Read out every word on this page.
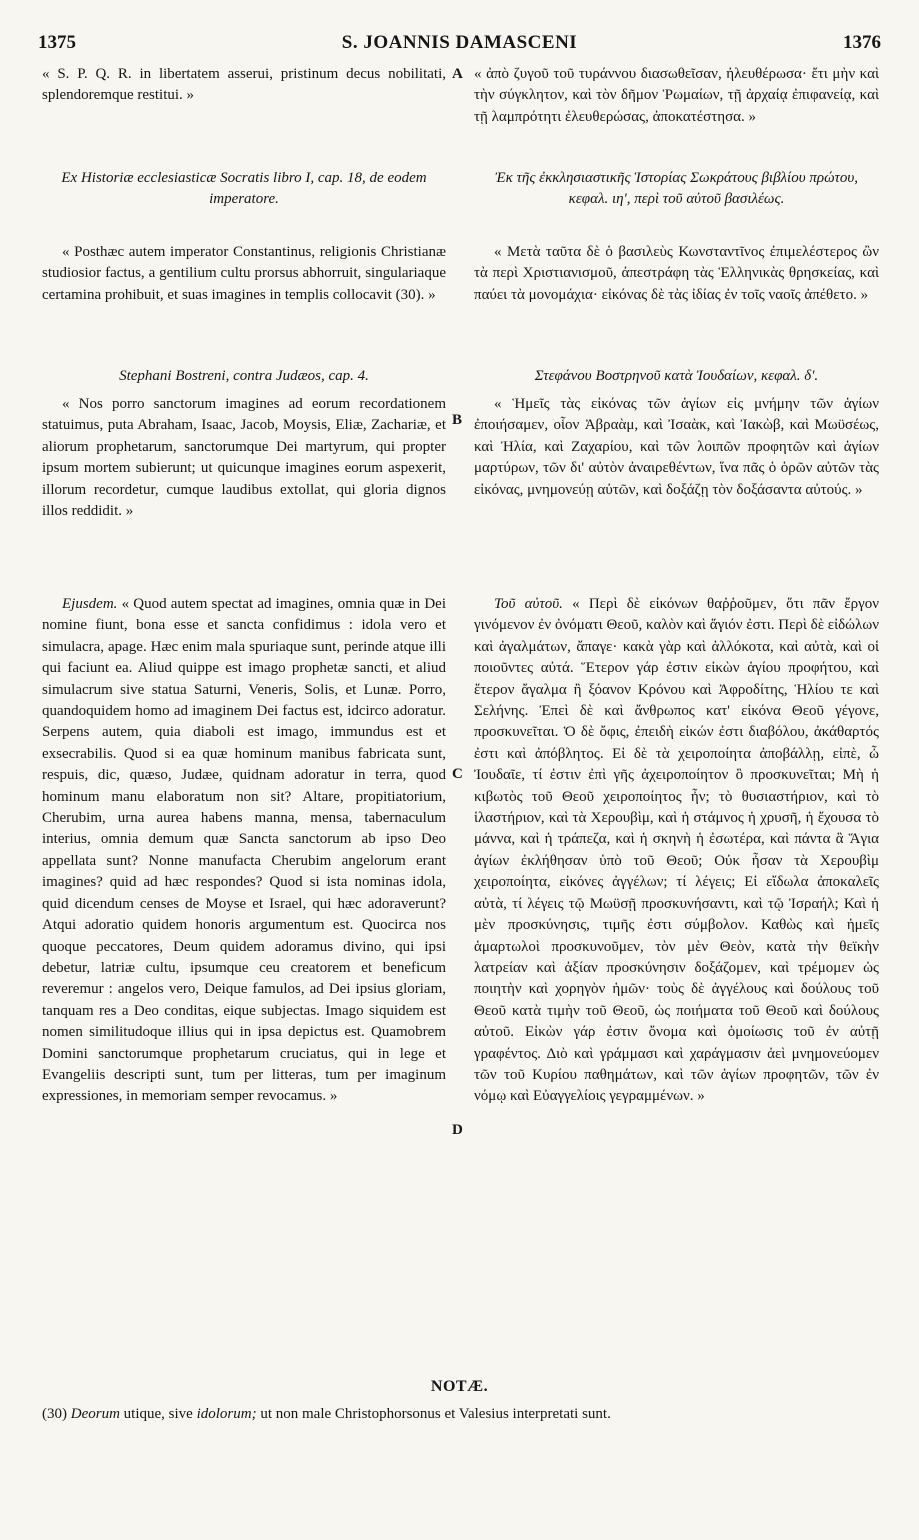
1375	S. JOANNIS DAMASCENI	1376
A
B
C
D

« S. P. Q. R. in libertatem asserui, pristinum decus nobilitati, splendoremque restitui. »

Ex Historiæ ecclesiasticæ Socratis libro I, cap. 18, de eodem imperatore.

« Posthæc autem imperator Constantinus, religionis Christianæ studiosior factus, a gentilium cultu prorsus abhorruit, singulariaque certamina prohibuit, et suas imagines in templis collocavit (30). »

Stephani Bostreni, contra Judæos, cap. 4.

« Nos porro sanctorum imagines ad eorum recordationem statuimus, puta Abraham, Isaac, Jacob, Moysis, Eliæ, Zachariæ, et aliorum prophetarum, sanctorumque Dei martyrum, qui propter ipsum mortem subierunt; ut quicunque imagines eorum aspexerit, illorum recordetur, cumque laudibus extollat, qui gloria dignos illos reddidit. »

Ejusdem. « Quod autem spectat ad imagines, omnia quæ in Dei nomine fiunt, bona esse et sancta confidimus : idola vero et simulacra, apage. Hæc enim mala spuriaque sunt, perinde atque illi qui faciunt ea. Aliud quippe est imago prophetæ sancti, et aliud simulacrum sive statua Saturni, Veneris, Solis, et Lunæ. Porro, quandoquidem homo ad imaginem Dei factus est, idcirco adoratur. Serpens autem, quia diaboli est imago, immundus est et exsecrabilis. Quod si ea quæ hominum manibus fabricata sunt, respuis, dic, quæso, Judæe, quidnam adoratur in terra, quod hominum manu elaboratum non sit? Altare, propitiatorium, Cherubim, urna aurea habens manna, mensa, tabernaculum interius, omnia demum quæ Sancta sanctorum ab ipso Deo appellata sunt? Nonne manufacta Cherubim angelorum erant imagines? quid ad hæc respondes? Quod si ista nominas idola, quid dicendum censes de Moyse et Israel, qui hæc adoraverunt? Atqui adoratio quidem honoris argumentum est. Quocirca nos quoque peccatores, Deum quidem adoramus divino, qui ipsi debetur, latriæ cultu, ipsumque ceu creatorem et beneficum reveremur : angelos vero, Deique famulos, ad Dei ipsius gloriam, tanquam res a Deo conditas, eique subjectas. Imago siquidem est nomen similitudoque illius qui in ipsa depictus est. Quamobrem Domini sanctorumque prophetarum cruciatus, qui in lege et Evangeliis descripti sunt, tum per litteras, tum per imaginum expressiones, in memoriam semper revocamus. »

« ἀπὸ ζυγοῦ τοῦ τυράννου διασωθεῖσαν, ἠλευθέρωσα· ἔτι μὴν καὶ τὴν σύγκλητον, καὶ τὸν δῆμον Ῥωμαίων, τῇ ἀρχαίᾳ ἐπιφανείᾳ, καὶ τῇ λαμπρότητι ἐλευθερώσας, ἀποκατέστησα. »

Ἐκ τῆς ἐκκλησιαστικῆς Ἱστορίας Σωκράτους βιβλίου πρώτου, κεφαλ. ιη', περὶ τοῦ αὐτοῦ βασιλέως.

« Μετὰ ταῦτα δὲ ὁ βασιλεὺς Κωνσταντῖνος ἐπιμελέστερος ὢν τὰ περὶ Χριστιανισμοῦ, ἀπεστράφη τὰς Ἑλληνικὰς θρησκείας, καὶ παύει τὰ μονομάχια· εἰκόνας δὲ τὰς ἰδίας ἐν τοῖς ναοῖς ἀπέθετο. »

Στεφάνου Βοστρηνοῦ κατὰ Ἰουδαίων, κεφαλ. δ'.

« Ἡμεῖς τὰς εἰκόνας τῶν ἁγίων εἰς μνήμην τῶν ἁγίων ἐποιήσαμεν, οἷον Ἀβραὰμ, καὶ Ἰσαὰκ, καὶ Ἰακὼβ, καὶ Μωϋσέως, καὶ Ἠλία, καὶ Ζαχαρίου, καὶ τῶν λοιπῶν προφητῶν καὶ ἁγίων μαρτύρων, τῶν δι' αὐτὸν ἀναιρεθέντων, ἵνα πᾶς ὁ ὁρῶν αὐτῶν τὰς εἰκόνας, μνημονεύῃ αὐτῶν, καὶ δοξάζῃ τὸν δοξάσαντα αὐτούς. »

Τοῦ αὐτοῦ. « Περὶ δὲ εἰκόνων θαῤῥοῦμεν, ὅτι πᾶν ἔργον γινόμενον ἐν ὀνόματι Θεοῦ, καλὸν καὶ ἅγιόν ἐστι. Περὶ δὲ εἰδώλων καὶ ἀγαλμάτων, ἄπαγε· κακὰ γὰρ καὶ ἀλλόκοτα, καὶ αὐτὰ, καὶ οἱ ποιοῦντες αὐτά. Ἕτερον γάρ ἐστιν εἰκὼν ἁγίου προφήτου, καὶ ἕτερον ἄγαλμα ἢ ξόανον Κρόνου καὶ Ἀφροδίτης, Ἡλίου τε καὶ Σελήνης. Ἐπεὶ δὲ καὶ ἄνθρωπος κατ' εἰκόνα Θεοῦ γέγονε, προσκυνεῖται. Ὁ δὲ ὄφις, ἐπειδὴ εἰκών ἐστι διαβόλου, ἀκάθαρτός ἐστι καὶ ἀπόβλητος. Εἰ δὲ τὰ χειροποίητα ἀποβάλλῃ, εἰπὲ, ὦ Ἰουδαῖε, τί ἐστιν ἐπὶ γῆς ἀχειροποίητον ὃ προσκυνεῖται; Μὴ ἡ κιβωτὸς τοῦ Θεοῦ χειροποίητος ἦν; τὸ θυσιαστήριον, καὶ τὸ ἱλαστήριον, καὶ τὰ Χερουβὶμ, καὶ ἡ στάμνος ἡ χρυσῆ, ἡ ἔχουσα τὸ μάννα, καὶ ἡ τράπεζα, καὶ ἡ σκηνὴ ἡ ἐσωτέρα, καὶ πάντα ἃ Ἅγια ἁγίων ἐκλήθησαν ὑπὸ τοῦ Θεοῦ; Οὐκ ἦσαν τὰ Χερουβὶμ χειροποίητα, εἰκόνες ἀγγέλων; τί λέγεις; Εἰ εἴδωλα ἀποκαλεῖς αὐτὰ, τί λέγεις τῷ Μωϋσῇ προσκυνήσαντι, καὶ τῷ Ἰσραήλ; Καὶ ἡ μὲν προσκύνησις, τιμῆς ἐστι σύμβολον. Καθὼς καὶ ἡμεῖς ἁμαρτωλοὶ προσκυνοῦμεν, τὸν μὲν Θεὸν, κατὰ τὴν θεϊκὴν λατρείαν καὶ ἀξίαν προσκύνησιν δοξάζομεν, καὶ τρέμομεν ὡς ποιητὴν καὶ χορηγὸν ἡμῶν· τοὺς δὲ ἀγγέλους καὶ δούλους τοῦ Θεοῦ κατὰ τιμὴν τοῦ Θεοῦ, ὡς ποιήματα τοῦ Θεοῦ καὶ δούλους αὐτοῦ. Εἰκὼν γάρ ἐστιν ὄνομα καὶ ὁμοίωσις τοῦ ἐν αὐτῇ γραφέντος. Διὸ καὶ γράμμασι καὶ χαράγμασιν ἀεὶ μνημονεύομεν τῶν τοῦ Κυρίου παθημάτων, καὶ τῶν ἁγίων προφητῶν, τῶν ἐν νόμῳ καὶ Εὐαγγελίοις γεγραμμένων. »

NOTÆ.
(30) Deorum utique, sive idolorum; ut non male Christophorsonus et Valesius interpretati sunt.
